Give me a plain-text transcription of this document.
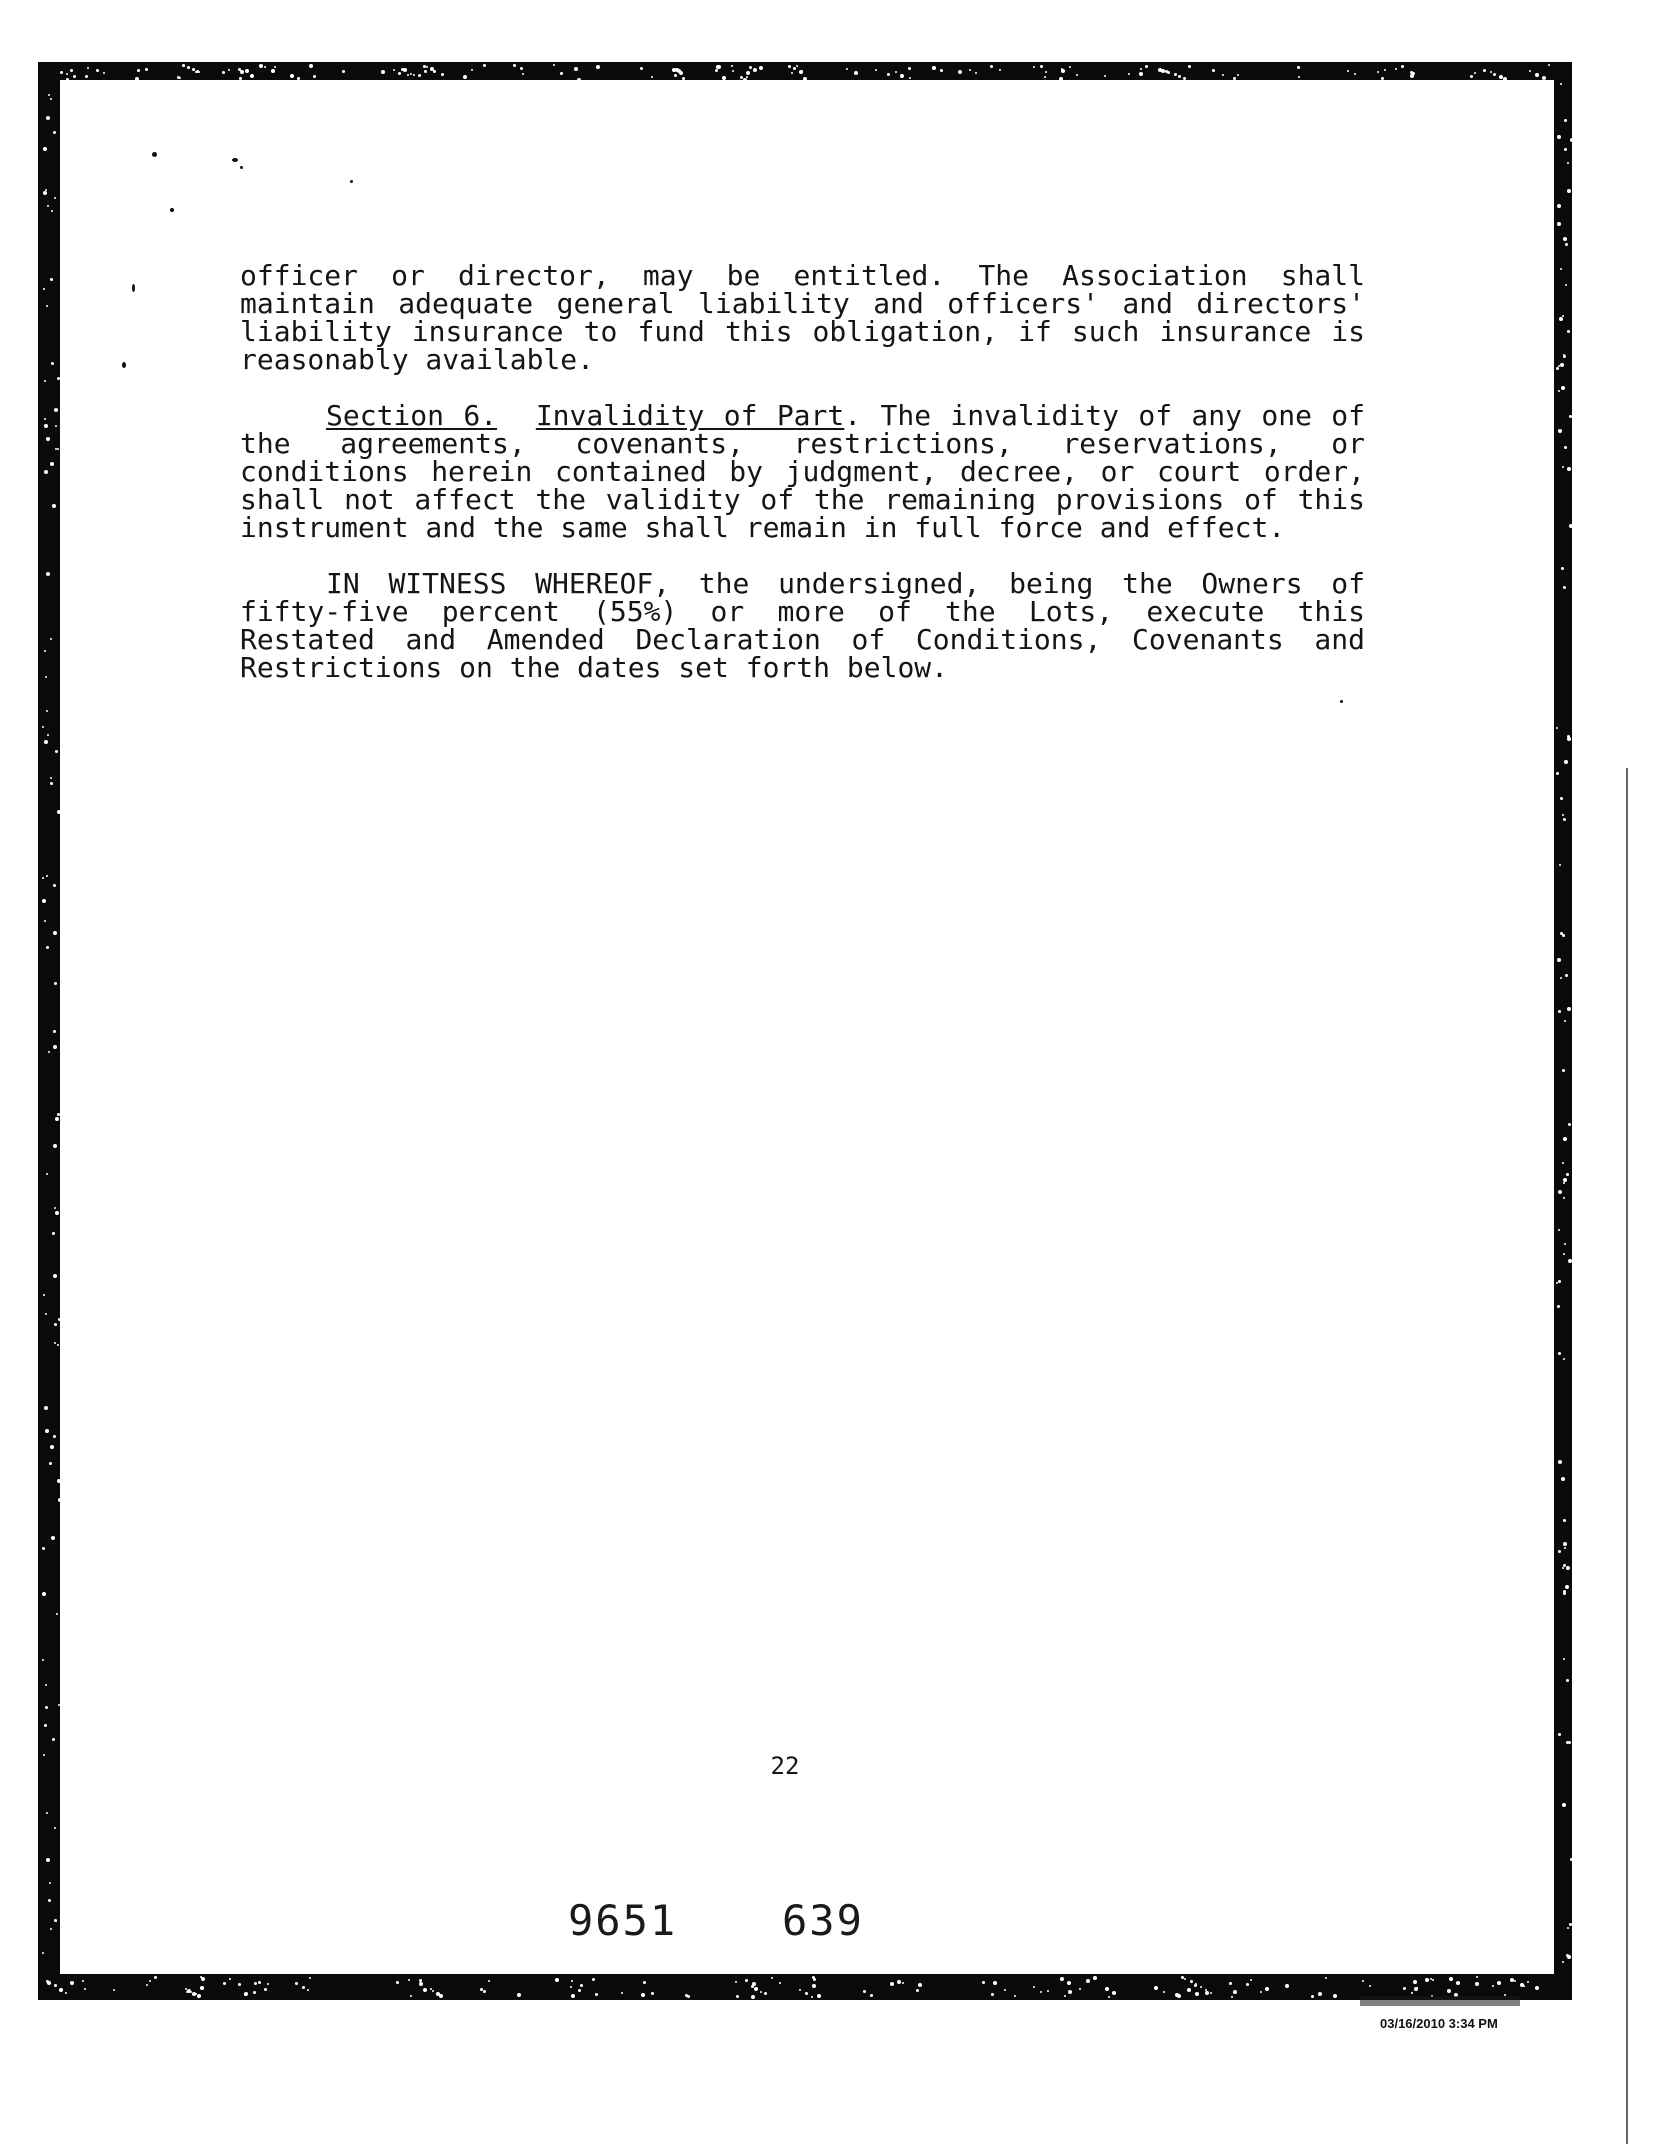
officer or director, may be entitled. The Association shall maintain adequate general liability and officers' and directors' liability insurance to fund this obligation, if such insurance is reasonably available.

Section 6. Invalidity of Part. The invalidity of any one of the agreements, covenants, restrictions, reservations, or conditions herein contained by judgment, decree, or court order, shall not affect the validity of the remaining provisions of this instrument and the same shall remain in full force and effect.

IN WITNESS WHEREOF, the undersigned, being the Owners of fifty-five percent (55%) or more of the Lots, execute this Restated and Amended Declaration of Conditions, Covenants and Restrictions on the dates set forth below.

22
9651 639
03/16/2010 3:34 PM
